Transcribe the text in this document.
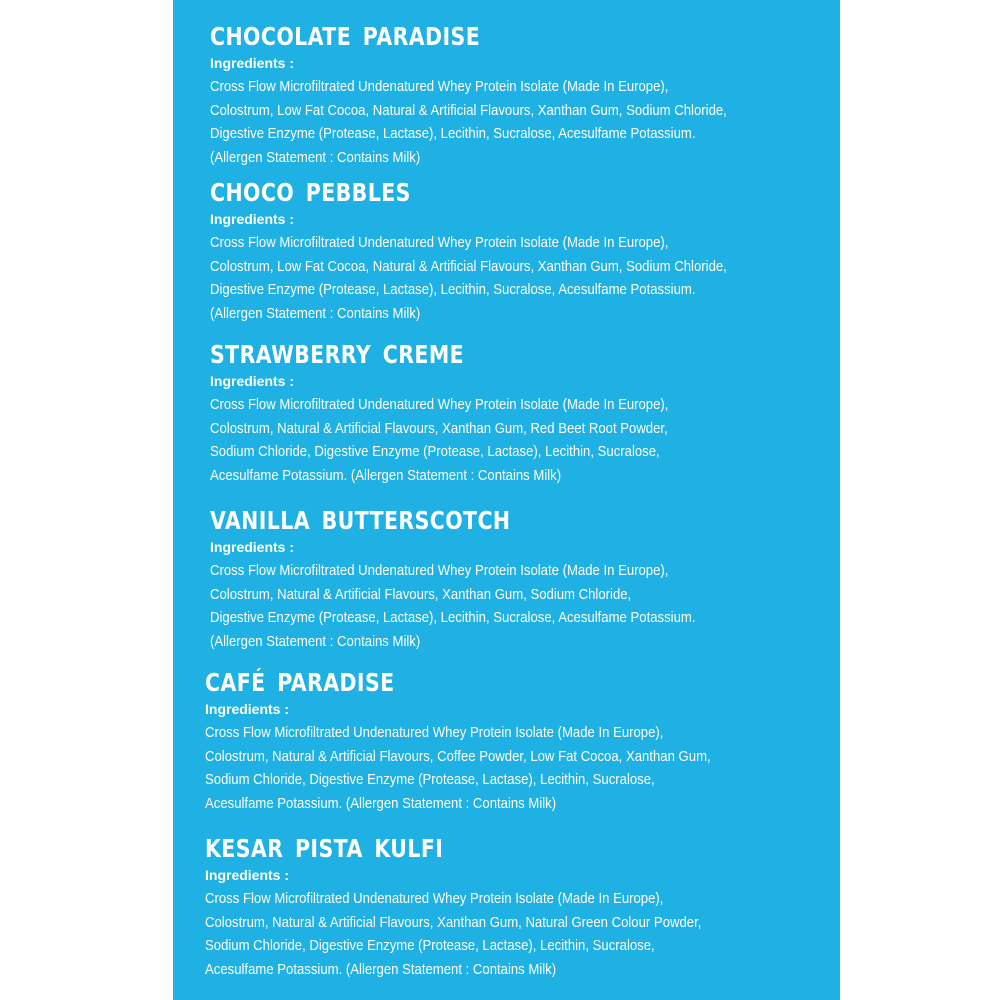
CHOCOLATE PARADISE
Ingredients :
Cross Flow Microfiltrated Undenatured Whey Protein Isolate (Made In Europe),
Colostrum, Low Fat Cocoa, Natural & Artificial Flavours, Xanthan Gum, Sodium Chloride,
Digestive Enzyme (Protease, Lactase), Lecithin, Sucralose, Acesulfame Potassium.
(Allergen Statement : Contains Milk)
CHOCO PEBBLES
Ingredients :
Cross Flow Microfiltrated Undenatured Whey Protein Isolate (Made In Europe),
Colostrum, Low Fat Cocoa, Natural & Artificial Flavours, Xanthan Gum, Sodium Chloride,
Digestive Enzyme (Protease, Lactase), Lecithin, Sucralose, Acesulfame Potassium.
(Allergen Statement : Contains Milk)
STRAWBERRY CREME
Ingredients :
Cross Flow Microfiltrated Undenatured Whey Protein Isolate (Made In Europe),
Colostrum, Natural & Artificial Flavours, Xanthan Gum, Red Beet Root Powder,
Sodium Chloride, Digestive Enzyme (Protease, Lactase), Lecithin, Sucralose,
Acesulfame Potassium. (Allergen Statement : Contains Milk)
VANILLA BUTTERSCOTCH
Ingredients :
Cross Flow Microfiltrated Undenatured Whey Protein Isolate (Made In Europe),
Colostrum, Natural & Artificial Flavours, Xanthan Gum, Sodium Chloride,
Digestive Enzyme (Protease, Lactase), Lecithin, Sucralose, Acesulfame Potassium.
(Allergen Statement : Contains Milk)
CAFÉ PARADISE
Ingredients :
Cross Flow Microfiltrated Undenatured Whey Protein Isolate (Made In Europe),
Colostrum, Natural & Artificial Flavours, Coffee Powder, Low Fat Cocoa, Xanthan Gum,
Sodium Chloride, Digestive Enzyme (Protease, Lactase), Lecithin, Sucralose,
Acesulfame Potassium. (Allergen Statement : Contains Milk)
KESAR PISTA KULFI
Ingredients :
Cross Flow Microfiltrated Undenatured Whey Protein Isolate (Made In Europe),
Colostrum, Natural & Artificial Flavours, Xanthan Gum, Natural Green Colour Powder,
Sodium Chloride, Digestive Enzyme (Protease, Lactase), Lecithin, Sucralose,
Acesulfame Potassium. (Allergen Statement : Contains Milk)
